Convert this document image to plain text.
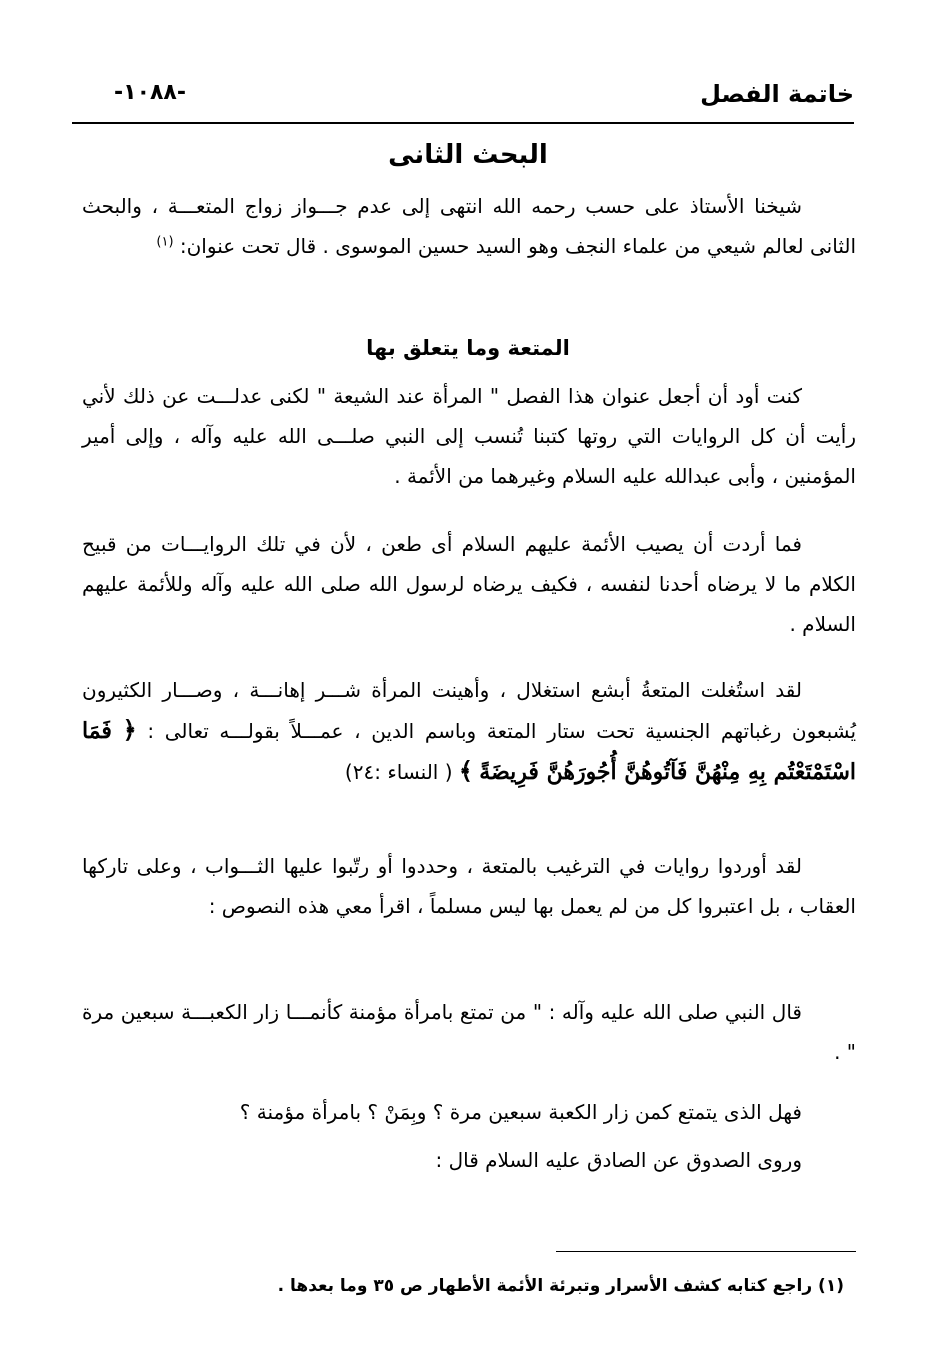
خاتمة الفصل
-١٠٨٨-
البحث الثانى
شيخنا الأستاذ على حسب رحمه الله انتهى إلى عدم جـــواز زواج المتعـــة ، والبحث الثانى لعالم شيعي من علماء النجف وهو السيد حسين الموسوى . قال تحت عنوان: $^{(١)}$
المتعة وما يتعلق بها
كنت أود أن أجعل عنوان هذا الفصل " المرأة عند الشيعة " لكنى عدلـــت عن ذلك لأني رأيت أن كل الروايات التي روتها كتبنا تُنسب إلى النبي صلـــى الله عليه وآله ، وإلى أمير المؤمنين ، وأبى عبدالله عليه السلام وغيرهما من الأئمة .
فما أردت أن يصيب الأئمة عليهم السلام أى طعن ، لأن في تلك الروايـــات من قبيح الكلام ما لا يرضاه أحدنا لنفسه ، فكيف يرضاه لرسول الله صلى الله عليه وآله وللأئمة عليهم السلام .
لقد استُغلت المتعةُ أبشع استغلال ، وأهينت المرأة شـــر إهانـــة ، وصـــار الكثيرون يُشبعون رغباتهم الجنسية تحت ستار المتعة وباسم الدين ، عمـــلاً بقولـــه تعالى : ﴿ فَمَا اسْتَمْتَعْتُم بِهِ مِنْهُنَّ فَآتُوهُنَّ أُجُورَهُنَّ فَرِيضَةً ﴾ ( النساء :٢٤)
لقد أوردوا روايات في الترغيب بالمتعة ، وحددوا أو رتّبوا عليها الثـــواب ، وعلى تاركها العقاب ، بل اعتبروا كل من لم يعمل بها ليس مسلماً ، اقرأ معي هذه النصوص :
قال النبي صلى الله عليه وآله : " من تمتع بامرأة مؤمنة كأنمـــا زار الكعبـــة سبعين مرة " .
فهل الذى يتمتع كمن زار الكعبة سبعين مرة ؟ وبِمَنْ ؟ بامرأة مؤمنة ؟
وروى الصدوق عن الصادق عليه السلام قال :
(١) راجع كتابه كشف الأسرار وتبرئة الأئمة الأطهار ص ٣٥ وما بعدها .
